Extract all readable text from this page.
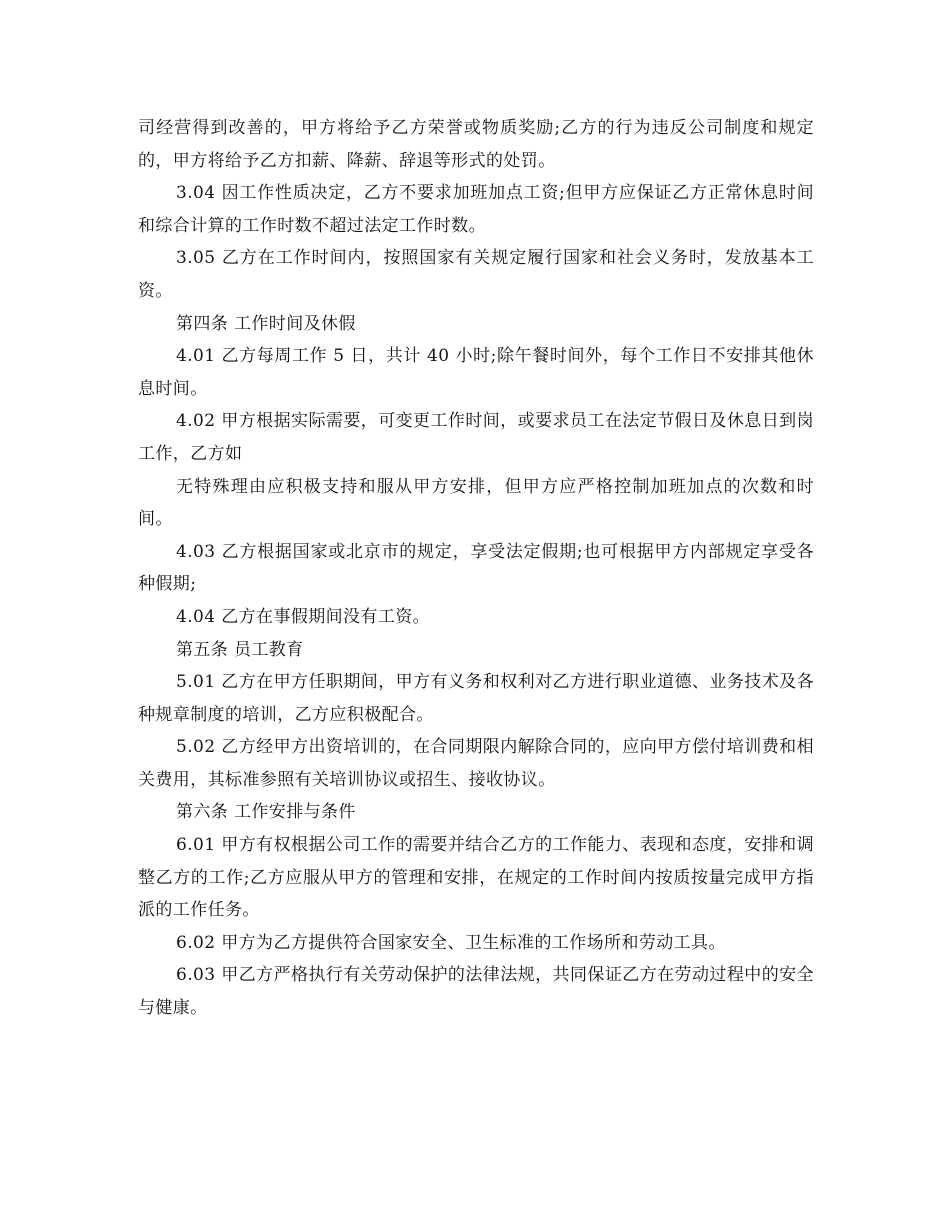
司经营得到改善的，甲方将给予乙方荣誉或物质奖励;乙方的行为违反公司制度和规定的，甲方将给予乙方扣薪、降薪、辞退等形式的处罚。

3.04 因工作性质决定，乙方不要求加班加点工资;但甲方应保证乙方正常休息时间和综合计算的工作时数不超过法定工作时数。

3.05 乙方在工作时间内，按照国家有关规定履行国家和社会义务时，发放基本工资。

第四条 工作时间及休假

4.01 乙方每周工作 5 日，共计 40 小时;除午餐时间外，每个工作日不安排其他休息时间。

4.02 甲方根据实际需要，可变更工作时间，或要求员工在法定节假日及休息日到岗工作，乙方如

无特殊理由应积极支持和服从甲方安排，但甲方应严格控制加班加点的次数和时间。

4.03 乙方根据国家或北京市的规定，享受法定假期;也可根据甲方内部规定享受各种假期;

4.04 乙方在事假期间没有工资。

第五条 员工教育

5.01 乙方在甲方任职期间，甲方有义务和权利对乙方进行职业道德、业务技术及各种规章制度的培训，乙方应积极配合。

5.02 乙方经甲方出资培训的，在合同期限内解除合同的，应向甲方偿付培训费和相关费用，其标准参照有关培训协议或招生、接收协议。

第六条 工作安排与条件

6.01 甲方有权根据公司工作的需要并结合乙方的工作能力、表现和态度，安排和调整乙方的工作;乙方应服从甲方的管理和安排，在规定的工作时间内按质按量完成甲方指派的工作任务。

6.02 甲方为乙方提供符合国家安全、卫生标准的工作场所和劳动工具。

6.03 甲乙方严格执行有关劳动保护的法律法规，共同保证乙方在劳动过程中的安全与健康。
